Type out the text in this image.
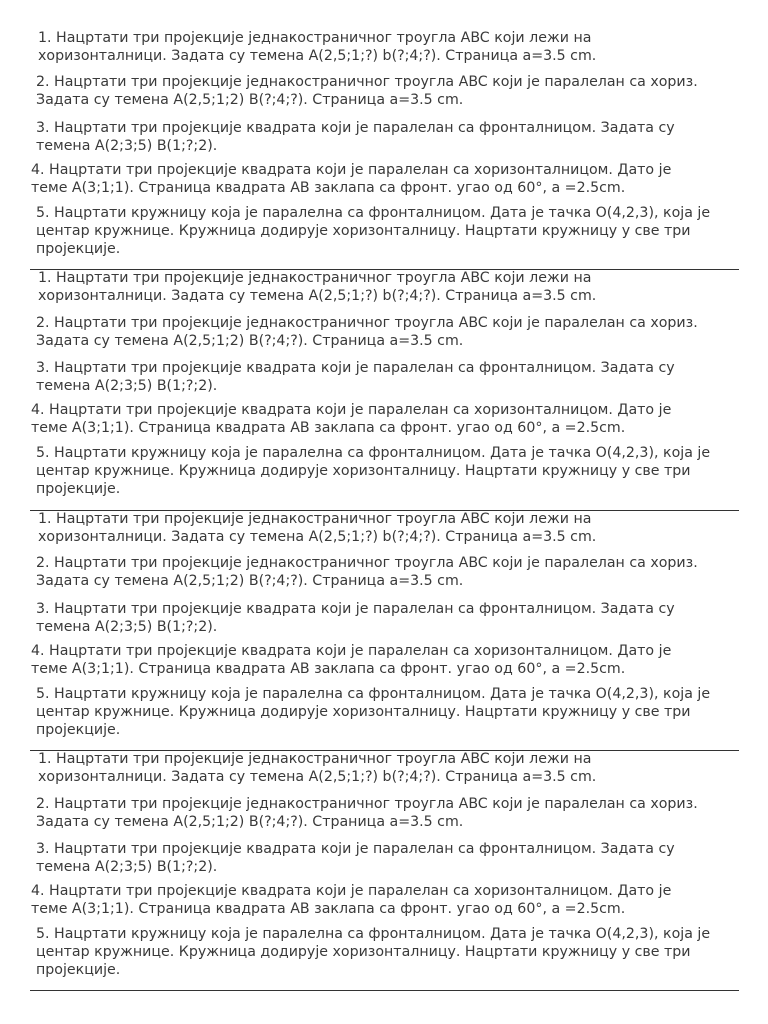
1. Нацртати три пројекције једнакостраничног троугла ABC који лежи на
хоризонталници. Задата су темена A(2,5;1;?) b(?;4;?). Страница a=3.5 cm.
2. Нацртати три пројекције једнакостраничног троугла ABC који је паралелан са хориз.
Задата су темена A(2,5;1;2) B(?;4;?). Страница a=3.5 cm.
3. Нацртати три пројекције квадрата који је паралелан са фронталницом. Задата су
темена A(2;3;5) B(1;?;2).
4. Нацртати три пројекције квадрата који је паралелан са хоризонталницом. Дато је
теме A(3;1;1). Страница квадрата AB заклапа са фронт. угао од 60°, a =2.5cm.
5. Нацртати кружницу која је паралелна са фронталницом. Дата је тачка O(4,2,3), која је
центар кружнице. Кружница додирује хоризонталницу. Нацртати кружницу у све три
пројекције.
1. Нацртати три пројекције једнакостраничног троугла ABC који лежи на
хоризонталници. Задата су темена A(2,5;1;?) b(?;4;?). Страница a=3.5 cm.
2. Нацртати три пројекције једнакостраничног троугла ABC који је паралелан са хориз.
Задата су темена A(2,5;1;2) B(?;4;?). Страница a=3.5 cm.
3. Нацртати три пројекције квадрата који је паралелан са фронталницом. Задата су
темена A(2;3;5) B(1;?;2).
4. Нацртати три пројекције квадрата који је паралелан са хоризонталницом. Дато је
теме A(3;1;1). Страница квадрата AB заклапа са фронт. угао од 60°, a =2.5cm.
5. Нацртати кружницу која је паралелна са фронталницом. Дата је тачка O(4,2,3), која је
центар кружнице. Кружница додирује хоризонталницу. Нацртати кружницу у све три
пројекције.
1. Нацртати три пројекције једнакостраничног троугла ABC који лежи на
хоризонталници. Задата су темена A(2,5;1;?) b(?;4;?). Страница a=3.5 cm.
2. Нацртати три пројекције једнакостраничног троугла ABC који је паралелан са хориз.
Задата су темена A(2,5;1;2) B(?;4;?). Страница a=3.5 cm.
3. Нацртати три пројекције квадрата који је паралелан са фронталницом. Задата су
темена A(2;3;5) B(1;?;2).
4. Нацртати три пројекције квадрата који је паралелан са хоризонталницом. Дато је
теме A(3;1;1). Страница квадрата AB заклапа са фронт. угао од 60°, a =2.5cm.
5. Нацртати кружницу која је паралелна са фронталницом. Дата је тачка O(4,2,3), која је
центар кружнице. Кружница додирује хоризонталницу. Нацртати кружницу у све три
пројекције.
1. Нацртати три пројекције једнакостраничног троугла ABC који лежи на
хоризонталници. Задата су темена A(2,5;1;?) b(?;4;?). Страница a=3.5 cm.
2. Нацртати три пројекције једнакостраничног троугла ABC који је паралелан са хориз.
Задата су темена A(2,5;1;2) B(?;4;?). Страница a=3.5 cm.
3. Нацртати три пројекције квадрата који је паралелан са фронталницом. Задата су
темена A(2;3;5) B(1;?;2).
4. Нацртати три пројекције квадрата који је паралелан са хоризонталницом. Дато је
теме A(3;1;1). Страница квадрата AB заклапа са фронт. угао од 60°, a =2.5cm.
5. Нацртати кружницу која је паралелна са фронталницом. Дата је тачка O(4,2,3), која је
центар кружнице. Кружница додирује хоризонталницу. Нацртати кружницу у све три
пројекције.
